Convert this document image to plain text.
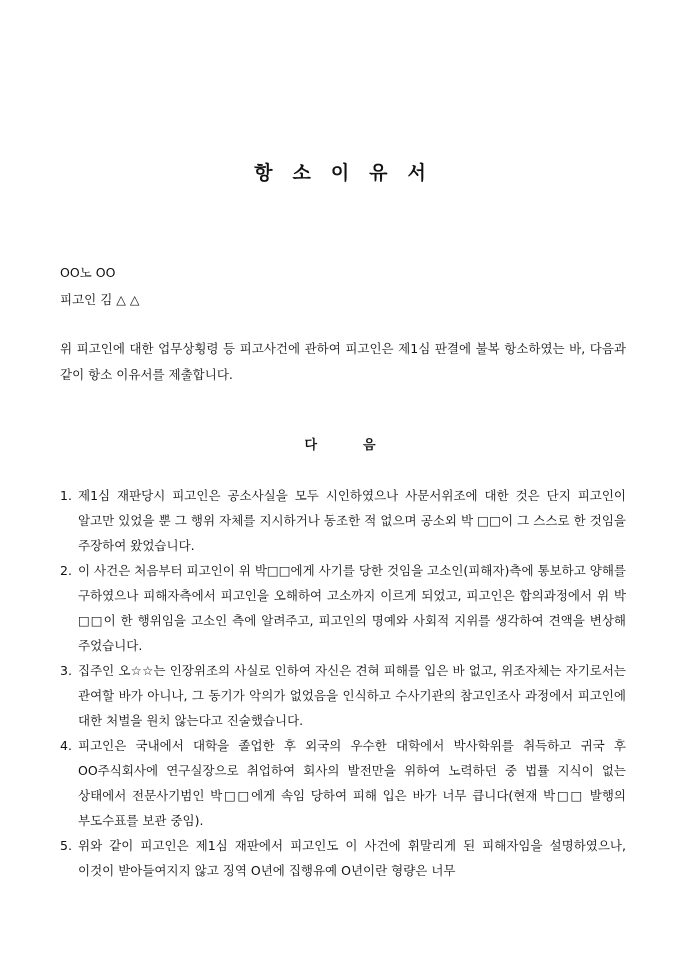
항소이유서
OO노 OO
피고인 김 △ △
위 피고인에 대한 업무상횡령 등 피고사건에 관하여 피고인은 제1심 판결에 불복 항소하였는 바, 다음과 같이 항소 이유서를 제출합니다.
다	음
1. 제1심 재판당시 피고인은 공소사실을 모두 시인하였으나 사문서위조에 대한 것은 단지 피고인이 알고만 있었을 뿐 그 행위 자체를 지시하거나 동조한 적 없으며 공소외 박 □□이 그 스스로 한 것임을 주장하여 왔었습니다.
2. 이 사건은 처음부터 피고인이 위 박□□에게 사기를 당한 것임을 고소인(피해자)측에 통보하고 양해를 구하였으나 피해자측에서 피고인을 오해하여 고소까지 이르게 되었고, 피고인은 합의과정에서 위 박□□이 한 행위임을 고소인 측에 알려주고, 피고인의 명예와 사회적 지위를 생각하여 견액을 변상해 주었습니다.
3. 집주인 오☆☆는 인장위조의 사실로 인하여 자신은 견혀 피해를 입은 바 없고, 위조자체는 자기로서는 관여할 바가 아니나, 그 동기가 악의가 없었음을 인식하고 수사기관의 참고인조사 과정에서 피고인에 대한 처벌을 원치 않는다고 진술했습니다.
4. 피고인은 국내에서 대학을 졸업한 후 외국의 우수한 대학에서 박사학위를 취득하고 귀국 후 OO주식회사에 연구실장으로 취업하여 회사의 발전만을 위하여 노력하던 중 법률 지식이 없는 상태에서 전문사기범인 박□□에게 속임 당하여 피해 입은 바가 너무 큽니다(현재 박□□ 발행의 부도수표를 보관 중임).
5. 위와 같이 피고인은 제1심 재판에서 피고인도 이 사건에 휘말리게 된 피해자임을 설명하였으나, 이것이 받아들여지지 않고 징역 O년에 집행유예 O년이란 형량은 너무
